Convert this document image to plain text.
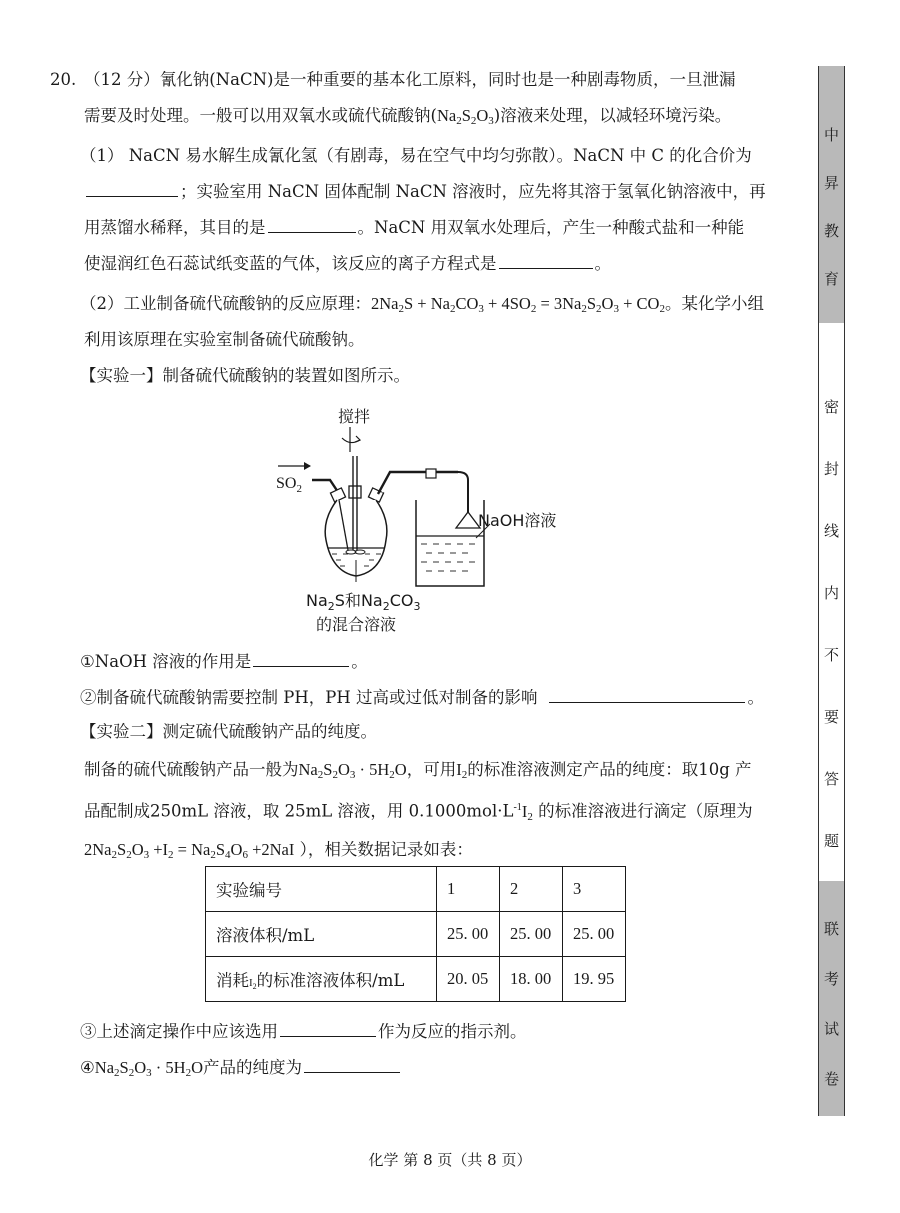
20. （12 分）氰化钠(NaCN)是一种重要的基本化工原料，同时也是一种剧毒物质，一旦泄漏
需要及时处理。一般可以用双氧水或硫代硫酸钠$(Na_2S_2O_3)$溶液来处理，以减轻环境污染。
（1） NaCN 易水解生成氰化氢（有剧毒，易在空气中均匀弥散）。NaCN 中 C 的化合价为
；实验室用 NaCN 固体配制 NaCN 溶液时，应先将其溶于氢氧化钠溶液中，再
用蒸馏水稀释，其目的是	。NaCN 用双氧水处理后，产生一种酸式盐和一种能
使湿润红色石蕊试纸变蓝的气体，该反应的离子方程式是	。
（2）工业制备硫代硫酸钠的反应原理：$2Na_2S + Na_2CO_3 + 4SO_2 = 3Na_2S_2O_3 + CO_2$。某化学小组
利用该原理在实验室制备硫代硫酸钠。
【实验一】制备硫代硫酸钠的装置如图所示。
搅拌
$SO_2$
NaOH溶液
$Na_2S$和$Na_2CO_3$
的混合溶液
①NaOH 溶液的作用是	。
②制备硫代硫酸钠需要控制 PH，PH 过高或过低对制备的影响	。
【实验二】测定硫代硫酸钠产品的纯度。
制备的硫代硫酸钠产品一般为$Na_2S_2O_3 \cdot 5H_2O$，可用$I_2$的标准溶液测定产品的纯度：取10g 产
品配制成250mL 溶液，取 25mL 溶液，用 $0.1000mol\cdot L^{-1}I_2$ 的标准溶液进行滴定（原理为
$2Na_2S_2O_3 +I_2 = Na_2S_4O_6 +2NaI$ ），相关数据记录如表：
实验编号	1	2	3
溶液体积/mL	25. 00	25. 00	25. 00
消耗$I_2$的标准溶液体积/mL	20. 05	18. 00	19. 95
③上述滴定操作中应该选用	作为反应的指示剂。
$④Na_2S_2O_3 \cdot 5H_2O$产品的纯度为
中
昇
教
育
密
封
线
内
不
要
答
题
联
考
试
卷
化学 第 8 页（共 8 页）
